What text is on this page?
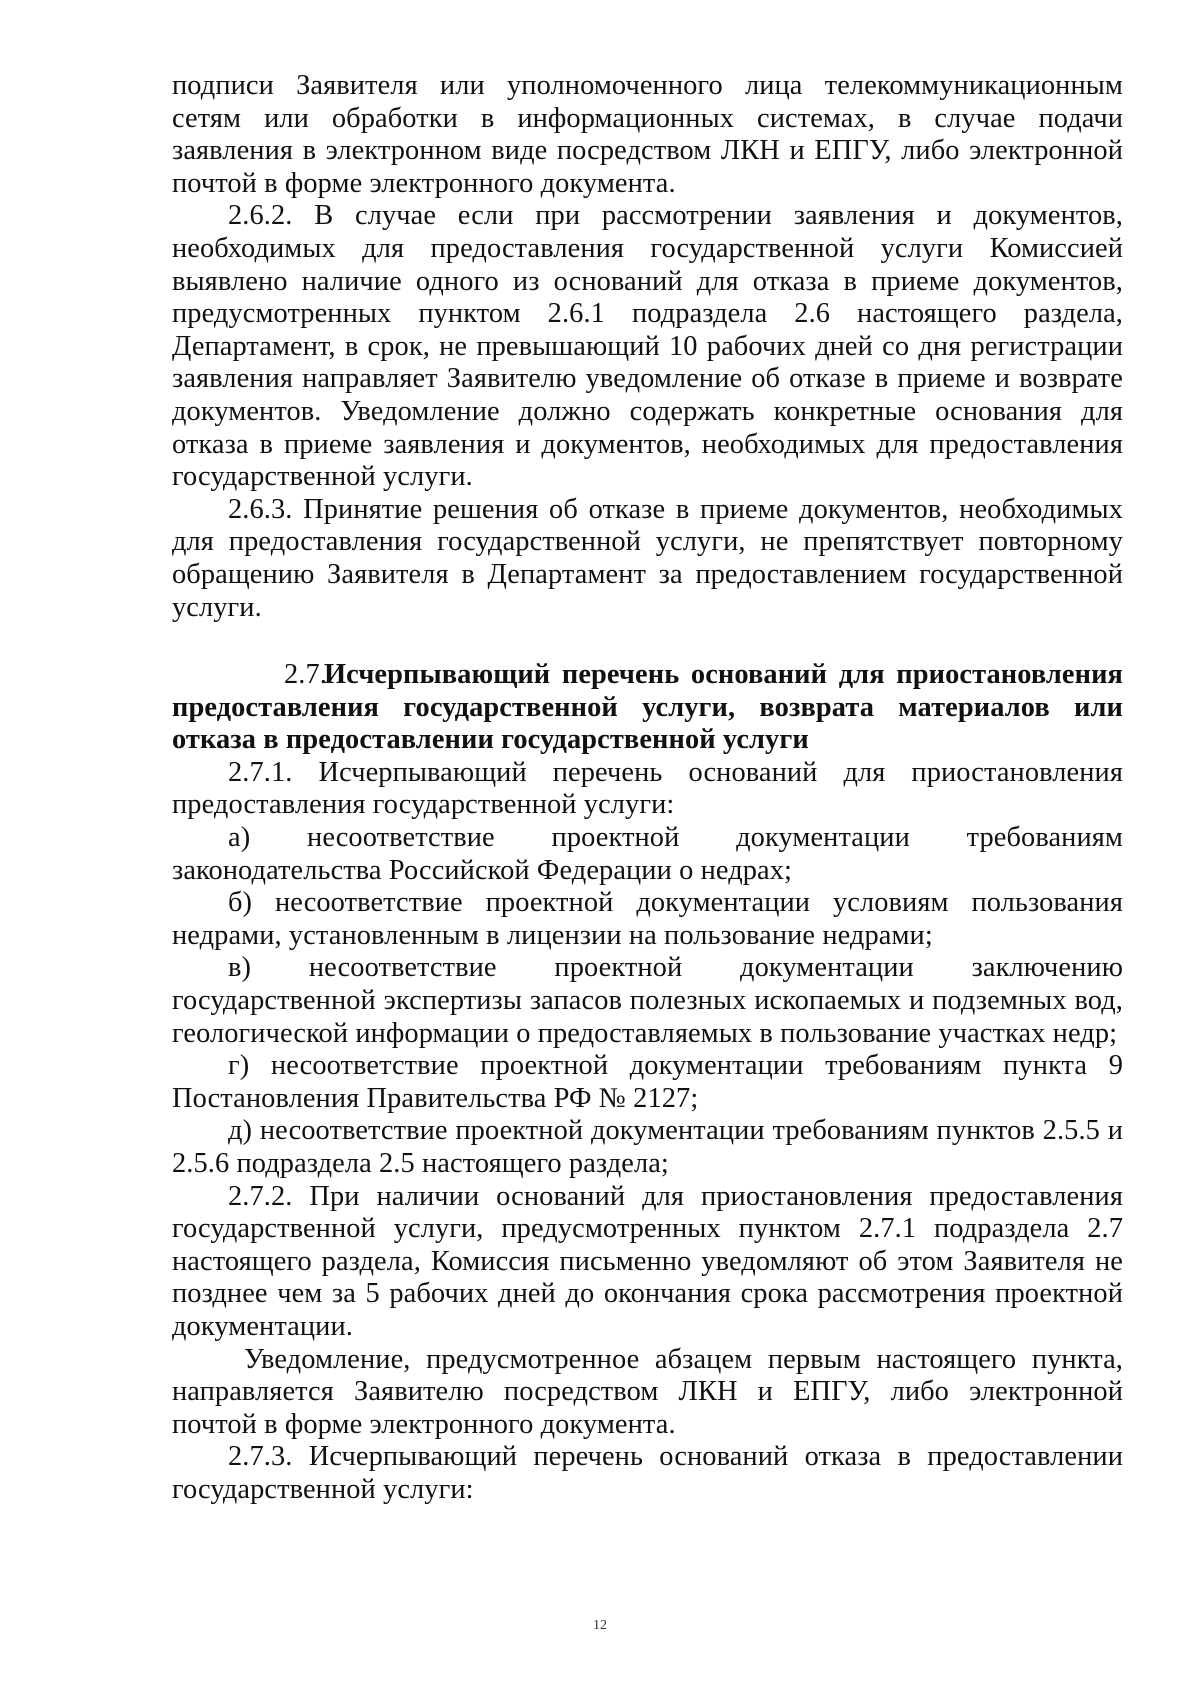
подписи Заявителя или уполномоченного лица телекоммуникационным сетям или обработки в информационных системах, в случае подачи заявления в электронном виде посредством ЛКН и ЕПГУ, либо электронной почтой в форме электронного документа.

2.6.2. В случае если при рассмотрении заявления и документов, необходимых для предоставления государственной услуги Комиссией выявлено наличие одного из оснований для отказа в приеме документов, предусмотренных пунктом 2.6.1 подраздела 2.6 настоящего раздела, Департамент, в срок, не превышающий 10 рабочих дней со дня регистрации заявления направляет Заявителю уведомление об отказе в приеме и возврате документов. Уведомление должно содержать конкретные основания для отказа в приеме заявления и документов, необходимых для предоставления государственной услуги.

2.6.3. Принятие решения об отказе в приеме документов, необходимых для предоставления государственной услуги, не препятствует повторному обращению Заявителя в Департамент за предоставлением государственной услуги.

2.7.Исчерпывающий перечень оснований для приостановления предоставления государственной услуги, возврата материалов или отказа в предоставлении государственной услуги

2.7.1. Исчерпывающий перечень оснований для приостановления предоставления государственной услуги:

а) несоответствие проектной документации требованиям законодательства Российской Федерации о недрах;

б) несоответствие проектной документации условиям пользования недрами, установленным в лицензии на пользование недрами;

в) несоответствие проектной документации заключению государственной экспертизы запасов полезных ископаемых и подземных вод, геологической информации о предоставляемых в пользование участках недр;

г) несоответствие проектной документации требованиям пункта 9 Постановления Правительства РФ № 2127;

д) несоответствие проектной документации требованиям пунктов 2.5.5 и 2.5.6 подраздела 2.5 настоящего раздела;

2.7.2. При наличии оснований для приостановления предоставления государственной услуги, предусмотренных пунктом 2.7.1 подраздела 2.7 настоящего раздела, Комиссия письменно уведомляют об этом Заявителя не позднее чем за 5 рабочих дней до окончания срока рассмотрения проектной документации.

Уведомление, предусмотренное абзацем первым настоящего пункта, направляется Заявителю посредством ЛКН и ЕПГУ, либо электронной почтой в форме электронного документа.

2.7.3. Исчерпывающий перечень оснований отказа в предоставлении государственной услуги:

12
